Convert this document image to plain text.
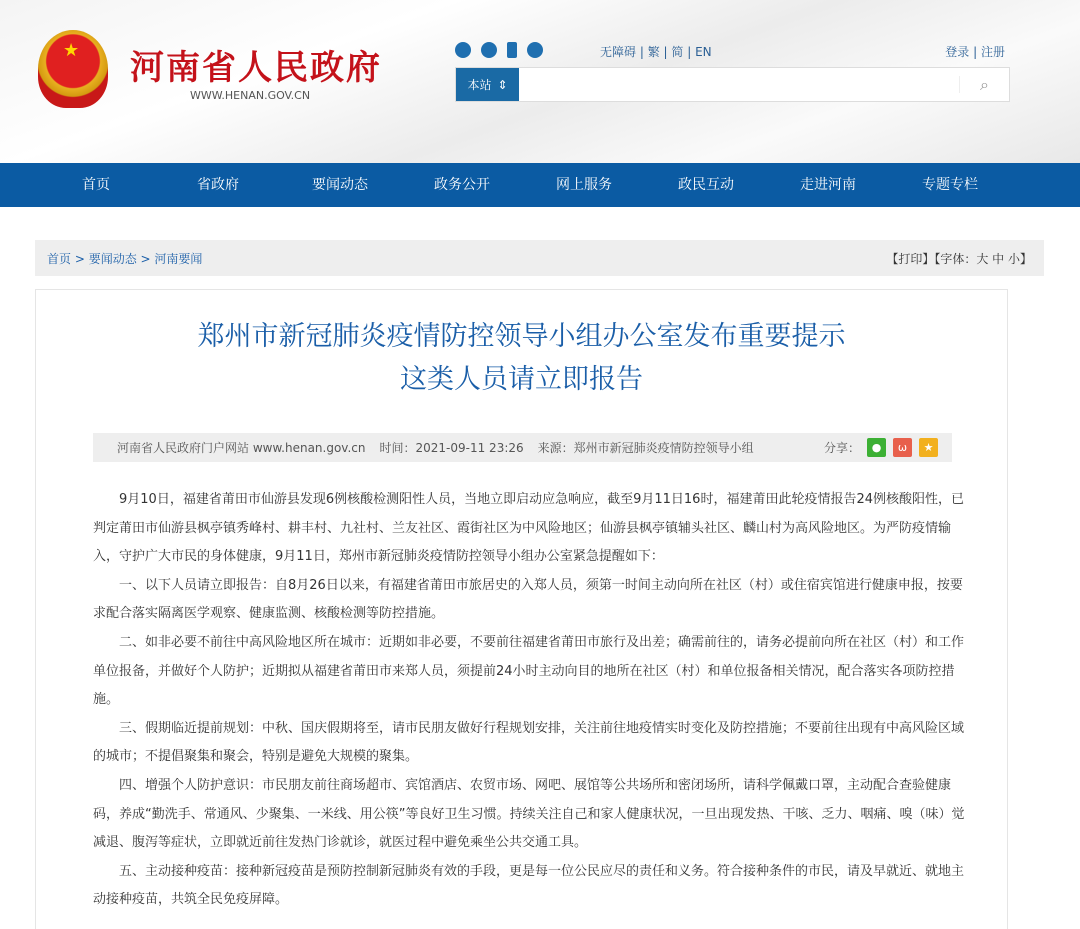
★ 河南省人民政府
WWW.HENAN.GOV.CN
无障碍 | 繁 | 简 | EN	登录 | 注册
本站 ⇕	⌕
首页	省政府	要闻动态	政务公开	网上服务	政民互动	走进河南	专题专栏
首页 > 要闻动态 > 河南要闻	【打印】【字体：大 中 小】
郑州市新冠肺炎疫情防控领导小组办公室发布重要提示
这类人员请立即报告
河南省人民政府门户网站 www.henan.gov.cn 时间：2021-09-11 23:26 来源：郑州市新冠肺炎疫情防控领导小组	分享：	●	ω	★

9月10日，福建省莆田市仙游县发现6例核酸检测阳性人员，当地立即启动应急响应，截至9月11日16时，福建莆田此轮疫情报告24例核酸阳性，已判定莆田市仙游县枫亭镇秀峰村、耕丰村、九社村、兰友社区、霞街社区为中风险地区；仙游县枫亭镇辅头社区、麟山村为高风险地区。为严防疫情输入，守护广大市民的身体健康，9月11日，郑州市新冠肺炎疫情防控领导小组办公室紧急提醒如下：

一、以下人员请立即报告：自8月26日以来，有福建省莆田市旅居史的入郑人员，须第一时间主动向所在社区（村）或住宿宾馆进行健康申报，按要求配合落实隔离医学观察、健康监测、核酸检测等防控措施。

二、如非必要不前往中高风险地区所在城市：近期如非必要，不要前往福建省莆田市旅行及出差；确需前往的，请务必提前向所在社区（村）和工作单位报备，并做好个人防护；近期拟从福建省莆田市来郑人员，须提前24小时主动向目的地所在社区（村）和单位报备相关情况，配合落实各项防控措施。

三、假期临近提前规划：中秋、国庆假期将至，请市民朋友做好行程规划安排，关注前往地疫情实时变化及防控措施；不要前往出现有中高风险区域的城市；不提倡聚集和聚会，特别是避免大规模的聚集。

四、增强个人防护意识：市民朋友前往商场超市、宾馆酒店、农贸市场、网吧、展馆等公共场所和密闭场所，请科学佩戴口罩，主动配合查验健康码，养成“勤洗手、常通风、少聚集、一米线、用公筷”等良好卫生习惯。持续关注自己和家人健康状况，一旦出现发热、干咳、乏力、咽痛、嗅（味）觉减退、腹泻等症状，立即就近前往发热门诊就诊，就医过程中避免乘坐公共交通工具。

五、主动接种疫苗：接种新冠疫苗是预防控制新冠肺炎有效的手段，更是每一位公民应尽的责任和义务。符合接种条件的市民，请及早就近、就地主动接种疫苗，共筑全民免疫屏障。
